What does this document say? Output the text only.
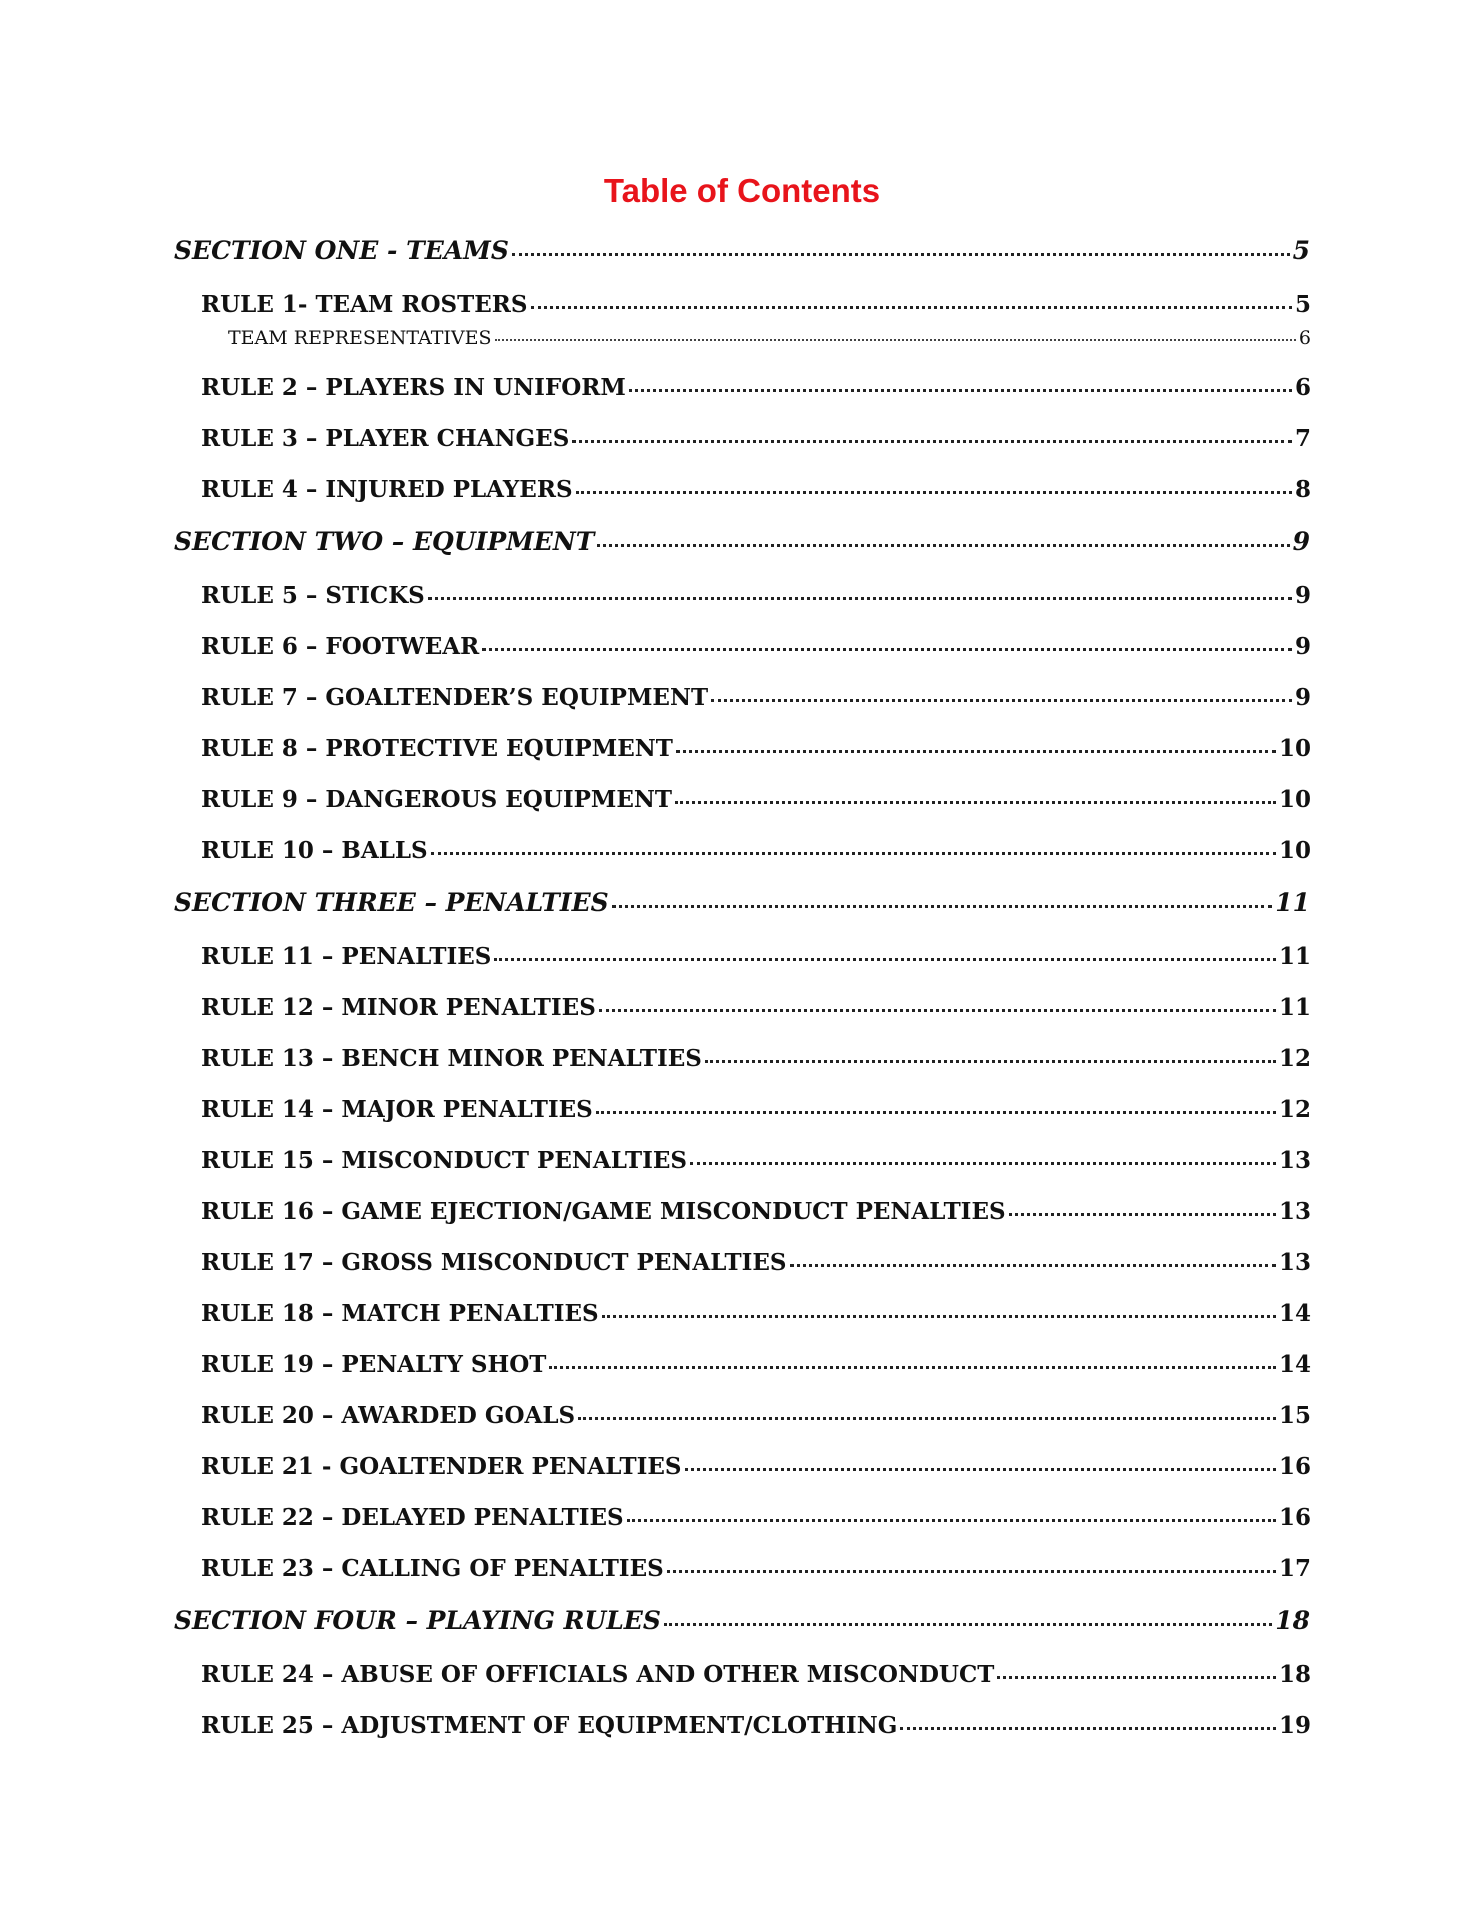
Table of Contents
SECTION ONE - TEAMS	5
RULE 1- TEAM ROSTERS	5
TEAM REPRESENTATIVES	6
RULE 2 – PLAYERS IN UNIFORM	6
RULE 3 – PLAYER CHANGES	7
RULE 4 – INJURED PLAYERS	8
SECTION TWO – EQUIPMENT	9
RULE 5 – STICKS	9
RULE 6 – FOOTWEAR	9
RULE 7 – GOALTENDER’S EQUIPMENT	9
RULE 8 – PROTECTIVE EQUIPMENT	10
RULE 9 – DANGEROUS EQUIPMENT	10
RULE 10 – BALLS	10
SECTION THREE – PENALTIES	11
RULE 11 – PENALTIES	11
RULE 12 – MINOR PENALTIES	11
RULE 13 – BENCH MINOR PENALTIES	12
RULE 14 – MAJOR PENALTIES	12
RULE 15 – MISCONDUCT PENALTIES	13
RULE 16 – GAME EJECTION/GAME MISCONDUCT PENALTIES	13
RULE 17 – GROSS MISCONDUCT PENALTIES	13
RULE 18 – MATCH PENALTIES	14
RULE 19 – PENALTY SHOT	14
RULE 20 – AWARDED GOALS	15
RULE 21 - GOALTENDER PENALTIES	16
RULE 22 – DELAYED PENALTIES	16
RULE 23 – CALLING OF PENALTIES	17
SECTION FOUR – PLAYING RULES	18
RULE 24 – ABUSE OF OFFICIALS AND OTHER MISCONDUCT	18
RULE 25 – ADJUSTMENT OF EQUIPMENT/CLOTHING	19
